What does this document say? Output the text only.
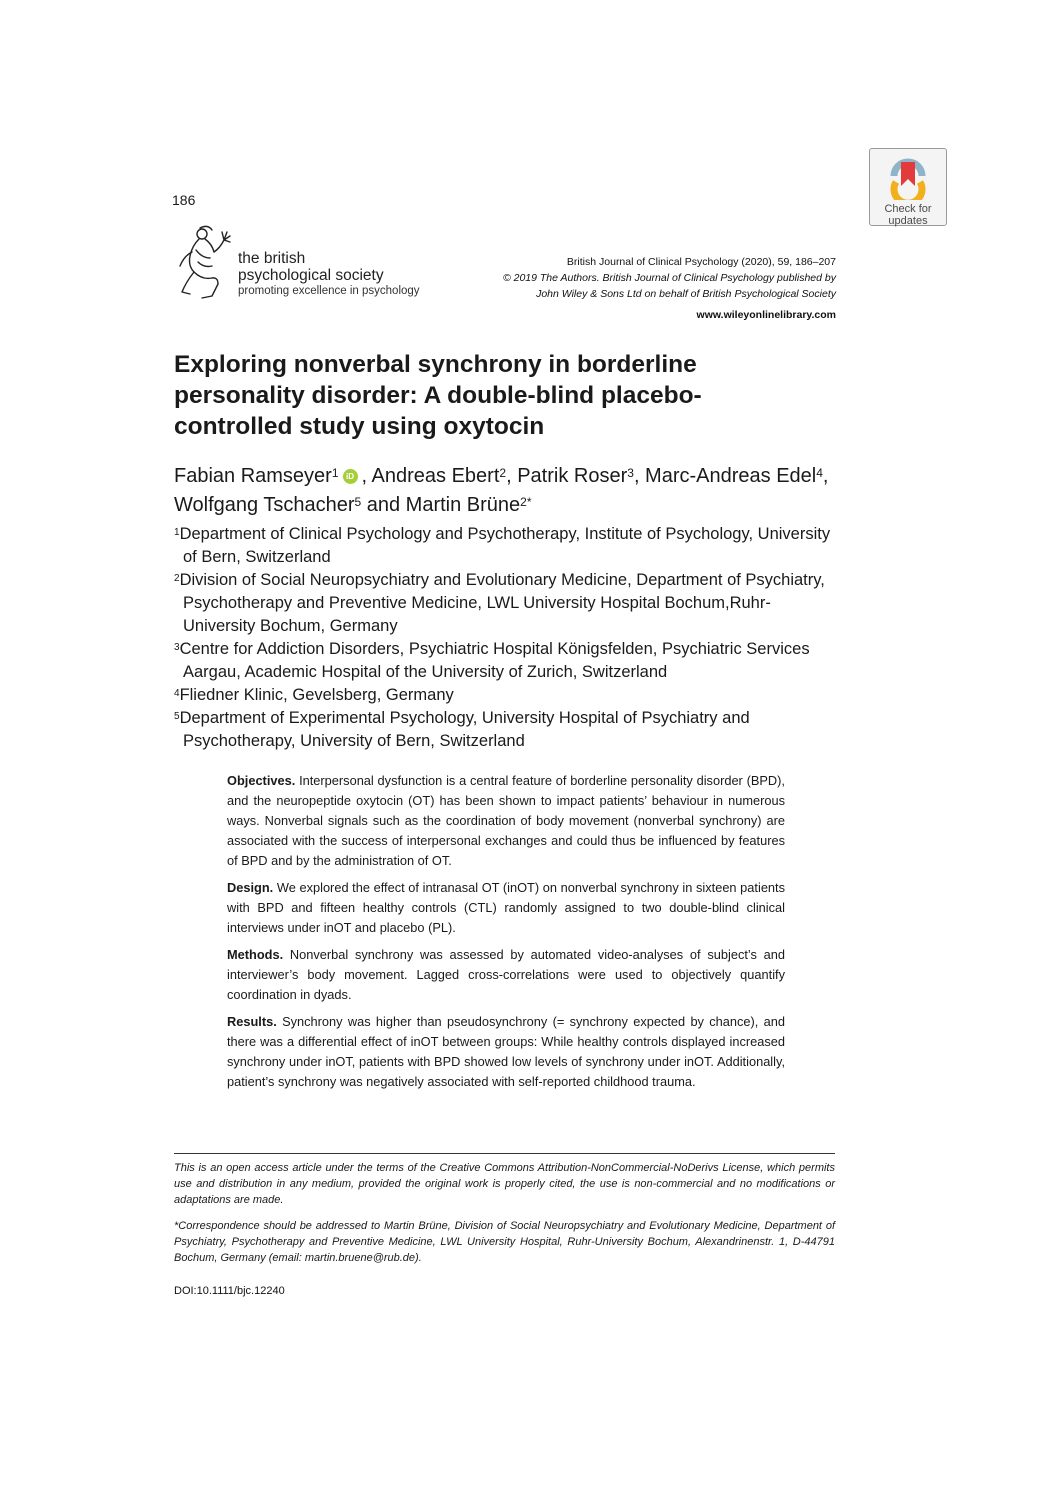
Check for
updates
186
the british
psychological society
promoting excellence in psychology
British Journal of Clinical Psychology (2020), 59, 186–207
© 2019 The Authors. British Journal of Clinical Psychology published by
John Wiley & Sons Ltd on behalf of British Psychological Society
www.wileyonlinelibrary.com
Exploring nonverbal synchrony in borderline personality disorder: A double-blind placebo-controlled study using oxytocin
Fabian Ramseyer$^1$ iD , Andreas Ebert$^2$, Patrik Roser$^3$, Marc-Andreas Edel$^4$, Wolfgang Tschacher$^5$ and Martin Brüne$^{2*}$
$^1$Department of Clinical Psychology and Psychotherapy, Institute of Psychology, University of Bern, Switzerland
$^2$Division of Social Neuropsychiatry and Evolutionary Medicine, Department of Psychiatry, Psychotherapy and Preventive Medicine, LWL University Hospital Bochum,Ruhr-University Bochum, Germany
$^3$Centre for Addiction Disorders, Psychiatric Hospital Königsfelden, Psychiatric Services Aargau, Academic Hospital of the University of Zurich, Switzerland
$^4$Fliedner Klinic, Gevelsberg, Germany
$^5$Department of Experimental Psychology, University Hospital of Psychiatry and Psychotherapy, University of Bern, Switzerland

Objectives. Interpersonal dysfunction is a central feature of borderline personality disorder (BPD), and the neuropeptide oxytocin (OT) has been shown to impact patients’ behaviour in numerous ways. Nonverbal signals such as the coordination of body movement (nonverbal synchrony) are associated with the success of interpersonal exchanges and could thus be influenced by features of BPD and by the administration of OT.

Design. We explored the effect of intranasal OT (inOT) on nonverbal synchrony in sixteen patients with BPD and fifteen healthy controls (CTL) randomly assigned to two double-blind clinical interviews under inOT and placebo (PL).

Methods. Nonverbal synchrony was assessed by automated video-analyses of subject’s and interviewer’s body movement. Lagged cross-correlations were used to objectively quantify coordination in dyads.

Results. Synchrony was higher than pseudosynchrony (= synchrony expected by chance), and there was a differential effect of inOT between groups: While healthy controls displayed increased synchrony under inOT, patients with BPD showed low levels of synchrony under inOT. Additionally, patient’s synchrony was negatively associated with self-reported childhood trauma.

This is an open access article under the terms of the Creative Commons Attribution-NonCommercial-NoDerivs License, which permits use and distribution in any medium, provided the original work is properly cited, the use is non-commercial and no modifications or adaptations are made.
*Correspondence should be addressed to Martin Brüne, Division of Social Neuropsychiatry and Evolutionary Medicine, Department of Psychiatry, Psychotherapy and Preventive Medicine, LWL University Hospital, Ruhr-University Bochum, Alexandrinenstr. 1, D-44791 Bochum, Germany (email: martin.bruene@rub.de).
DOI:10.1111/bjc.12240
